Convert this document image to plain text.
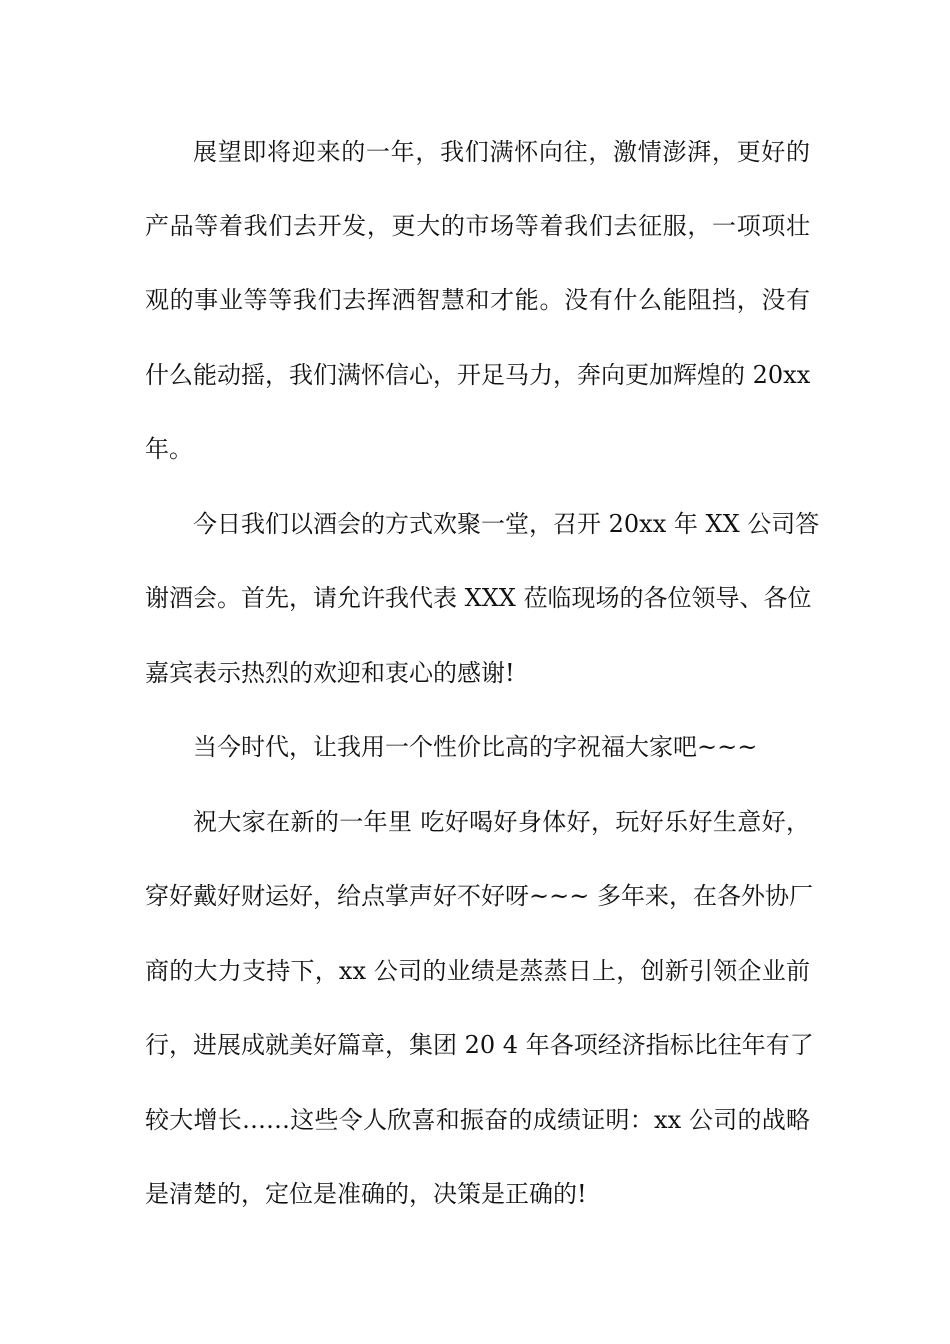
展望即将迎来的一年，我们满怀向往，激情澎湃，更好的
产品等着我们去开发，更大的市场等着我们去征服，一项项壮
观的事业等等我们去挥洒智慧和才能。没有什么能阻挡，没有
什么能动摇，我们满怀信心，开足马力，奔向更加辉煌的 20xx
年。
今日我们以酒会的方式欢聚一堂，召开 20xx 年 XX 公司答
谢酒会。首先，请允许我代表 XXX 莅临现场的各位领导、各位
嘉宾表示热烈的欢迎和衷心的感谢!
当今时代，让我用一个性价比高的字祝福大家吧~~~
祝大家在新的一年里 吃好喝好身体好，玩好乐好生意好，
穿好戴好财运好，给点掌声好不好呀~~~ 多年来，在各外协厂
商的大力支持下，xx 公司的业绩是蒸蒸日上，创新引领企业前
行，进展成就美好篇章，集团 20 4 年各项经济指标比往年有了
较大增长……这些令人欣喜和振奋的成绩证明：xx 公司的战略
是清楚的，定位是准确的，决策是正确的!
